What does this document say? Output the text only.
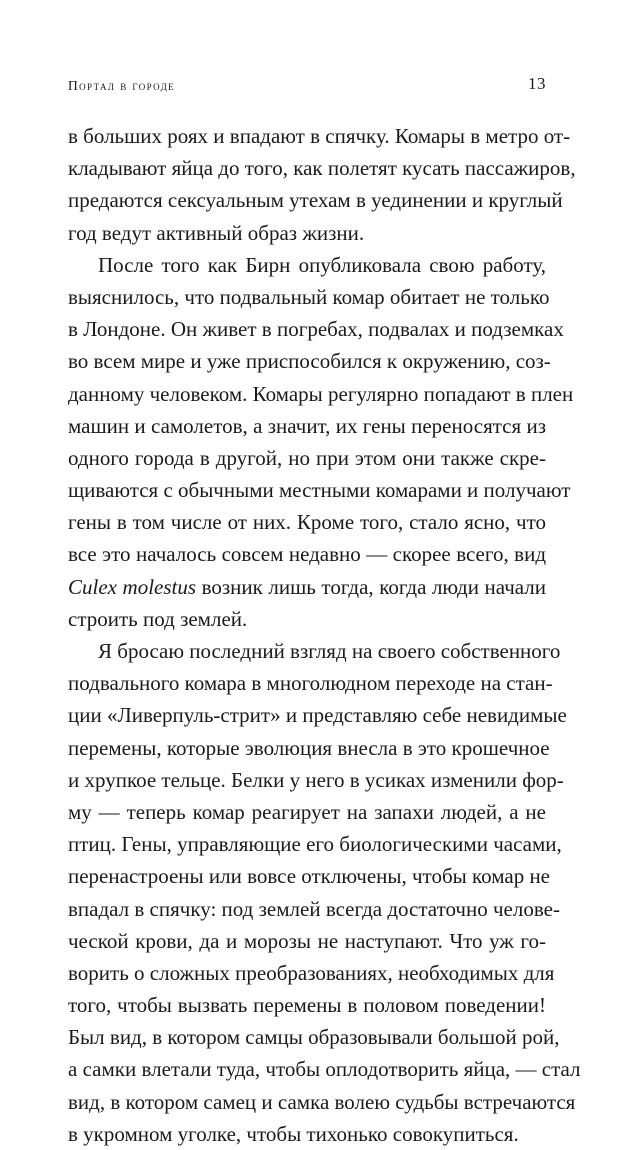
Портал в городе	13
в больших роях и впадают в спячку. Комары в метро от-
кладывают яйца до того, как полетят кусать пассажиров,
предаются сексуальным утехам в уединении и круглый
год ведут активный образ жизни.
После того как Бирн опубликовала свою работу,
выяснилось, что подвальный комар обитает не только
в Лондоне. Он живет в погребах, подвалах и подземках
во всем мире и уже приспособился к окружению, соз-
данному человеком. Комары регулярно попадают в плен
машин и самолетов, а значит, их гены переносятся из
одного города в другой, но при этом они также скре-
щиваются с обычными местными комарами и получают
гены в том числе от них. Кроме того, стало ясно, что
все это началось совсем недавно — скорее всего, вид
Culex molestus возник лишь тогда, когда люди начали
строить под землей.
Я бросаю последний взгляд на своего собственного
подвального комара в многолюдном переходе на стан-
ции «Ливерпуль-стрит» и представляю себе невидимые
перемены, которые эволюция внесла в это крошечное
и хрупкое тельце. Белки у него в усиках изменили фор-
му — теперь комар реагирует на запахи людей, а не
птиц. Гены, управляющие его биологическими часами,
перенастроены или вовсе отключены, чтобы комар не
впадал в спячку: под землей всегда достаточно челове-
ческой крови, да и морозы не наступают. Что уж го-
ворить о сложных преобразованиях, необходимых для
того, чтобы вызвать перемены в половом поведении!
Был вид, в котором самцы образовывали большой рой,
а самки влетали туда, чтобы оплодотворить яйца, — стал
вид, в котором самец и самка волею судьбы встречаются
в укромном уголке, чтобы тихонько совокупиться.
